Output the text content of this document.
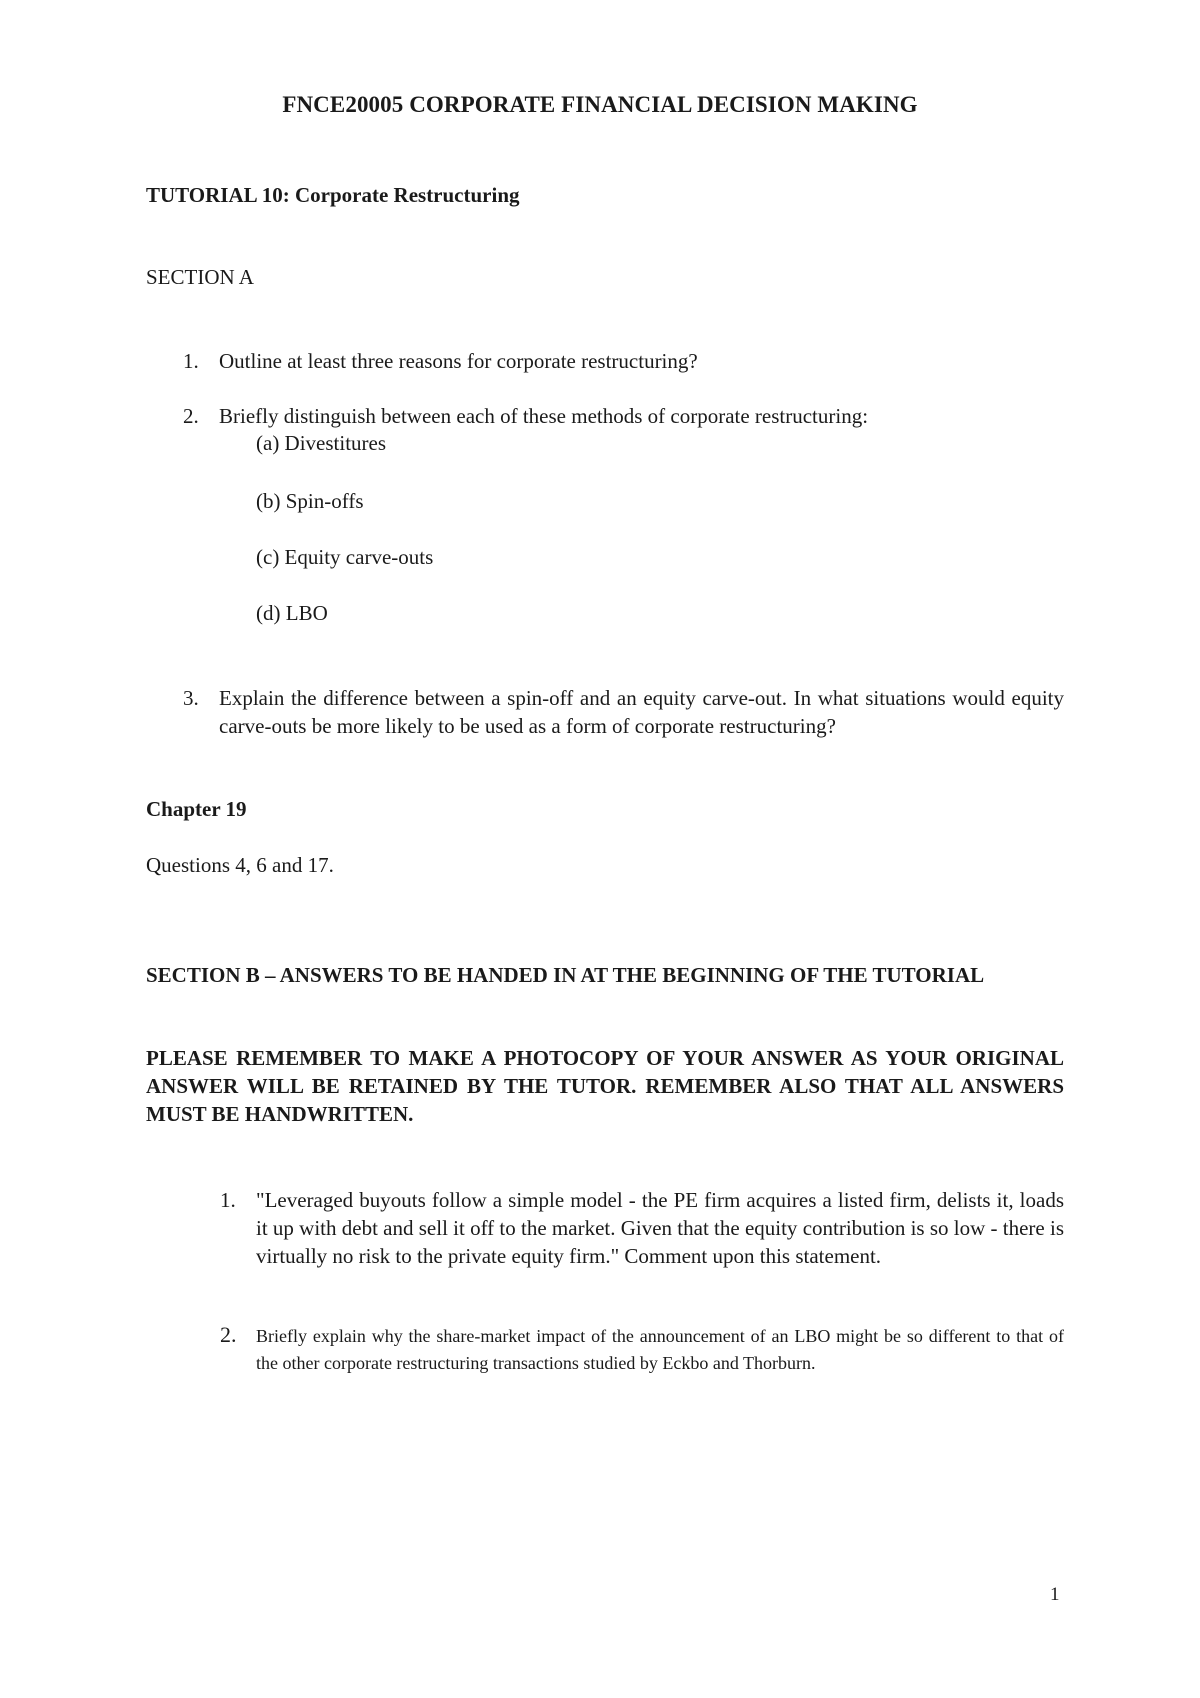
FNCE20005 CORPORATE FINANCIAL DECISION MAKING
TUTORIAL 10: Corporate Restructuring
SECTION A
1. Outline at least three reasons for corporate restructuring?
2. Briefly distinguish between each of these methods of corporate restructuring:
(a) Divestitures
(b) Spin-offs
(c) Equity carve-outs
(d) LBO
3. Explain the difference between a spin-off and an equity carve-out. In what situations would equity carve-outs be more likely to be used as a form of corporate restructuring?
Chapter 19
Questions 4, 6 and 17.
SECTION B – ANSWERS TO BE HANDED IN AT THE BEGINNING OF THE TUTORIAL
PLEASE REMEMBER TO MAKE A PHOTOCOPY OF YOUR ANSWER AS YOUR ORIGINAL ANSWER WILL BE RETAINED BY THE TUTOR. REMEMBER ALSO THAT ALL ANSWERS MUST BE HANDWRITTEN.
1. "Leveraged buyouts follow a simple model - the PE firm acquires a listed firm, delists it, loads it up with debt and sell it off to the market. Given that the equity contribution is so low - there is virtually no risk to the private equity firm." Comment upon this statement.
2. Briefly explain why the share-market impact of the announcement of an LBO might be so different to that of the other corporate restructuring transactions studied by Eckbo and Thorburn.
1
